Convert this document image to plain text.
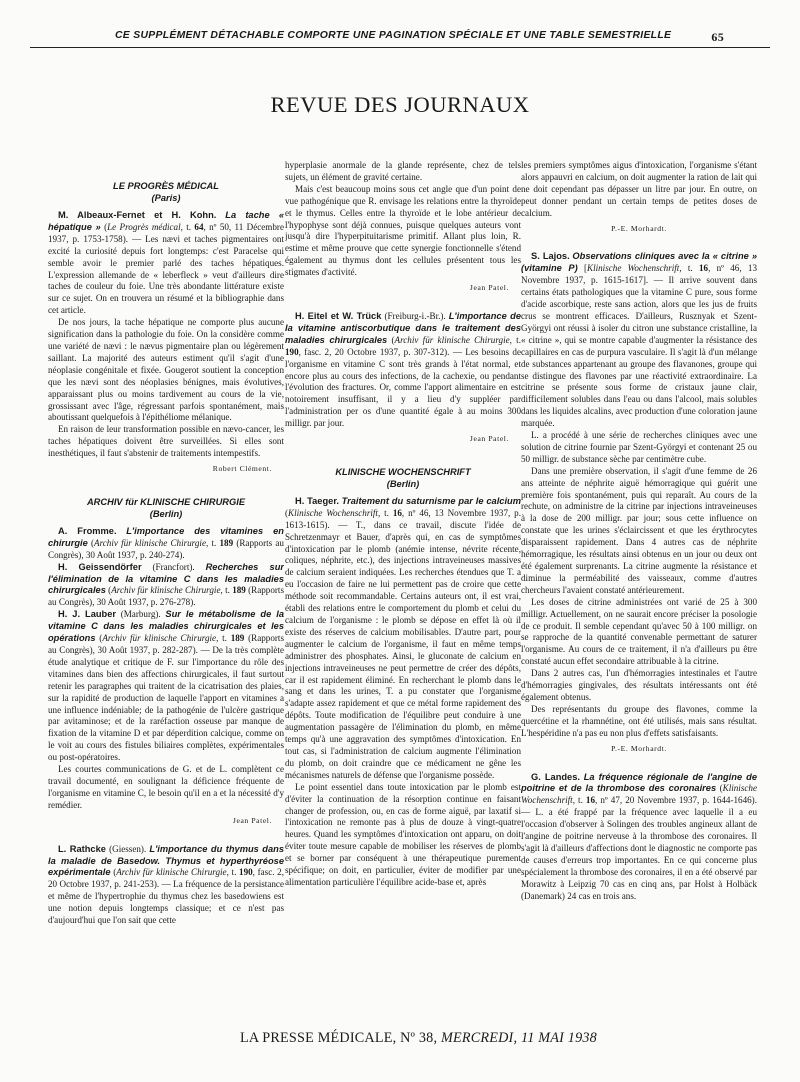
CE SUPPLÉMENT DÉTACHABLE COMPORTE UNE PAGINATION SPÉCIALE ET UNE TABLE SEMESTRIELLE	65
REVUE DES JOURNAUX

LE PROGRÈS MÉDICAL

(Paris)

M. Albeaux-Fernet et H. Kohn. La tache « hépatique » (Le Progrès médical, t. 64, nº 50, 11 Décembre 1937, p. 1753-1758). — Les nævi et taches pigmentaires ont excité la curiosité depuis fort longtemps: c'est Paracelse qui semble avoir le premier parlé des taches hépatiques. L'expression allemande de « leberfleck » veut d'ailleurs dire taches de couleur du foie. Une très abondante littérature existe sur ce sujet. On en trouvera un résumé et la bibliographie dans cet article.

De nos jours, la tache hépatique ne comporte plus aucune signification dans la pathologie du foie. On la considère comme une variété de nævi : le nævus pigmentaire plan ou légèrement saillant. La majorité des auteurs estiment qu'il s'agit d'une néoplasie congénitale et fixée. Gougerot soutient la conception que les nævi sont des néoplasies bénignes, mais évolutives, apparaissant plus ou moins tardivement au cours de la vie, grossissant avec l'âge, régressant parfois spontanément, mais aboutissant quelquefois à l'épithéliome mélanique.

En raison de leur transformation possible en nævo-cancer, les taches hépatiques doivent être surveillées. Si elles sont inesthétiques, il faut s'abstenir de traitements intempestifs.

Robert Clément.

ARCHIV für KLINISCHE CHIRURGIE

(Berlin)

A. Fromme. L'importance des vitamines en chirurgie (Archiv für klinische Chirurgie, t. 189 (Rapports au Congrès), 30 Août 1937, p. 240-274).

H. Geissendörfer (Francfort). Recherches sur l'élimination de la vitamine C dans les maladies chirurgicales (Archiv für klinische Chirurgie, t. 189 (Rapports au Congrès), 30 Août 1937, p. 276-278).

H. J. Lauber (Marburg). Sur le métabolisme de la vitamine C dans les maladies chirurgicales et les opérations (Archiv für klinische Chirurgie, t. 189 (Rapports au Congrès), 30 Août 1937, p. 282-287). — De la très complète étude analytique et critique de F. sur l'importance du rôle des vitamines dans bien des affections chirurgicales, il faut surtout retenir les paragraphes qui traitent de la cicatrisation des plaies, sur la rapidité de production de laquelle l'apport en vitamines a une influence indéniable; de la pathogénie de l'ulcère gastrique par avitaminose; et de la raréfaction osseuse par manque de fixation de la vitamine D et par déperdition calcique, comme on le voit au cours des fistules biliaires complètes, expérimentales ou post-opératoires.

Les courtes communications de G. et de L. complètent ce travail documenté, en soulignant la déficience fréquente de l'organisme en vitamine C, le besoin qu'il en a et la nécessité d'y remédier.

Jean Patel.

L. Rathcke (Giessen). L'importance du thymus dans la maladie de Basedow. Thymus et hyperthyréose expérimentale (Archiv für klinische Chirurgie, t. 190, fasc. 2, 20 Octobre 1937, p. 241-253). — La fréquence de la persistance et même de l'hypertrophie du thymus chez les basedowiens est une notion depuis longtemps classique; et ce n'est pas d'aujourd'hui que l'on sait que cette

hyperplasie anormale de la glande représente, chez de tels sujets, un élément de gravité certaine.

Mais c'est beaucoup moins sous cet angle que d'un point de vue pathogénique que R. envisage les relations entre la thyroïde et le thymus. Celles entre la thyroïde et le lobe antérieur de l'hypophyse sont déjà connues, puisque quelques auteurs vont jusqu'à dire l'hyperpituitarisme primitif. Allant plus loin, R. estime et même prouve que cette synergie fonctionnelle s'étend également au thymus dont les cellules présentent tous les stigmates d'activité.

Jean Patel.

H. Eitel et W. Trück (Freiburg-i.-Br.). L'importance de la vitamine antiscorbutique dans le traitement des maladies chirurgicales (Archiv für klinische Chirurgie, t. 190, fasc. 2, 20 Octobre 1937, p. 307-312). — Les besoins de l'organisme en vitamine C sont très grands à l'état normal, et encore plus au cours des infections, de la cachexie, ou pendant l'évolution des fractures. Or, comme l'apport alimentaire en est notoirement insuffisant, il y a lieu d'y suppléer par l'administration per os d'une quantité égale à au moins 300 milligr. par jour.

Jean Patel.

KLINISCHE WOCHENSCHRIFT

(Berlin)

H. Taeger. Traitement du saturnisme par le calcium (Klinische Wochenschrift, t. 16, nº 46, 13 Novembre 1937, p. 1613-1615). — T., dans ce travail, discute l'idée de Schretzenmayr et Bauer, d'après qui, en cas de symptômes d'intoxication par le plomb (anémie intense, névrite récente, coliques, néphrite, etc.), des injections intraveineuses massives de calcium seraient indiquées. Les recherches étendues que T. a eu l'occasion de faire ne lui permettent pas de croire que cette méthode soit recommandable. Certains auteurs ont, il est vrai, établi des relations entre le comportement du plomb et celui du calcium de l'organisme : le plomb se dépose en effet là où il existe des réserves de calcium mobilisables. D'autre part, pour augmenter le calcium de l'organisme, il faut en même temps administrer des phosphates. Ainsi, le gluconate de calcium en injections intraveineuses ne peut permettre de créer des dépôts, car il est rapidement éliminé. En recherchant le plomb dans le sang et dans les urines, T. a pu constater que l'organisme s'adapte assez rapidement et que ce métal forme rapidement des dépôts. Toute modification de l'équilibre peut conduire à une augmentation passagère de l'élimination du plomb, en même temps qu'à une aggravation des symptômes d'intoxication. En tout cas, si l'administration de calcium augmente l'élimination du plomb, on doit craindre que ce médicament ne gêne les mécanismes naturels de défense que l'organisme possède.

Le point essentiel dans toute intoxication par le plomb est d'éviter la continuation de la résorption continue en faisant changer de profession, ou, en cas de forme aiguë, par laxatif si l'intoxication ne remonte pas à plus de douze à vingt-quatre heures. Quand les symptômes d'intoxication ont apparu, on doit éviter toute mesure capable de mobiliser les réserves de plomb et se borner par conséquent à une thérapeutique purement spécifique; on doit, en particulier, éviter de modifier par une alimentation particulière l'équilibre acide-base et, après

les premiers symptômes aigus d'intoxication, l'organisme s'étant alors appauvri en calcium, on doit augmenter la ration de lait qui ne doit cependant pas dépasser un litre par jour. En outre, on peut donner pendant un certain temps de petites doses de calcium.

P.-E. Morhardt.

S. Lajos. Observations cliniques avec la « citrine » (vitamine P) [Klinische Wochenschrift, t. 16, nº 46, 13 Novembre 1937, p. 1615-1617]. — Il arrive souvent dans certains états pathologiques que la vitamine C pure, sous forme d'acide ascorbique, reste sans action, alors que les jus de fruits crus se montrent efficaces. D'ailleurs, Rusznyak et Szent-Györgyi ont réussi à isoler du citron une substance cristalline, la « citrine », qui se montre capable d'augmenter la résistance des capillaires en cas de purpura vasculaire. Il s'agit là d'un mélange de substances appartenant au groupe des flavanones, groupe qui se distingue des flavones par une réactivité extraordinaire. La citrine se présente sous forme de cristaux jaune clair, difficilement solubles dans l'eau ou dans l'alcool, mais solubles dans les liquides alcalins, avec production d'une coloration jaune marquée.

L. a procédé à une série de recherches cliniques avec une solution de citrine fournie par Szent-Györgyi et contenant 25 ou 50 milligr. de substance sèche par centimètre cube.

Dans une première observation, il s'agit d'une femme de 26 ans atteinte de néphrite aiguë hémorragique qui guérit une première fois spontanément, puis qui reparaît. Au cours de la rechute, on administre de la citrine par injections intraveineuses à la dose de 200 milligr. par jour; sous cette influence on constate que les urines s'éclaircissent et que les érythrocytes disparaissent rapidement. Dans 4 autres cas de néphrite hémorragique, les résultats ainsi obtenus en un jour ou deux ont été également surprenants. La citrine augmente la résistance et diminue la perméabilité des vaisseaux, comme d'autres chercheurs l'avaient constaté antérieurement.

Les doses de citrine administrées ont varié de 25 à 300 milligr. Actuellement, on ne saurait encore préciser la posologie de ce produit. Il semble cependant qu'avec 50 à 100 milligr. on se rapproche de la quantité convenable permettant de saturer l'organisme. Au cours de ce traitement, il n'a d'ailleurs pu être constaté aucun effet secondaire attribuable à la citrine.

Dans 2 autres cas, l'un d'hémorragies intestinales et l'autre d'hémorragies gingivales, des résultats intéressants ont été également obtenus.

Des représentants du groupe des flavones, comme la quercétine et la rhamnétine, ont été utilisés, mais sans résultat. L'hespéridine n'a pas eu non plus d'effets satisfaisants.

P.-E. Morhardt.

G. Landes. La fréquence régionale de l'angine de poitrine et de la thrombose des coronaires (Klinische Wochenschrift, t. 16, nº 47, 20 Novembre 1937, p. 1644-1646). — L. a été frappé par la fréquence avec laquelle il a eu l'occasion d'observer à Solingen des troubles angineux allant de l'angine de poitrine nerveuse à la thrombose des coronaires. Il s'agit là d'ailleurs d'affections dont le diagnostic ne comporte pas de causes d'erreurs trop importantes. En ce qui concerne plus spécialement la thrombose des coronaires, il en a été observé par Morawitz à Leipzig 70 cas en cinq ans, par Holst à Holbäck (Danemark) 24 cas en trois ans.

LA PRESSE MÉDICALE, Nº 38, MERCREDI, 11 MAI 1938
